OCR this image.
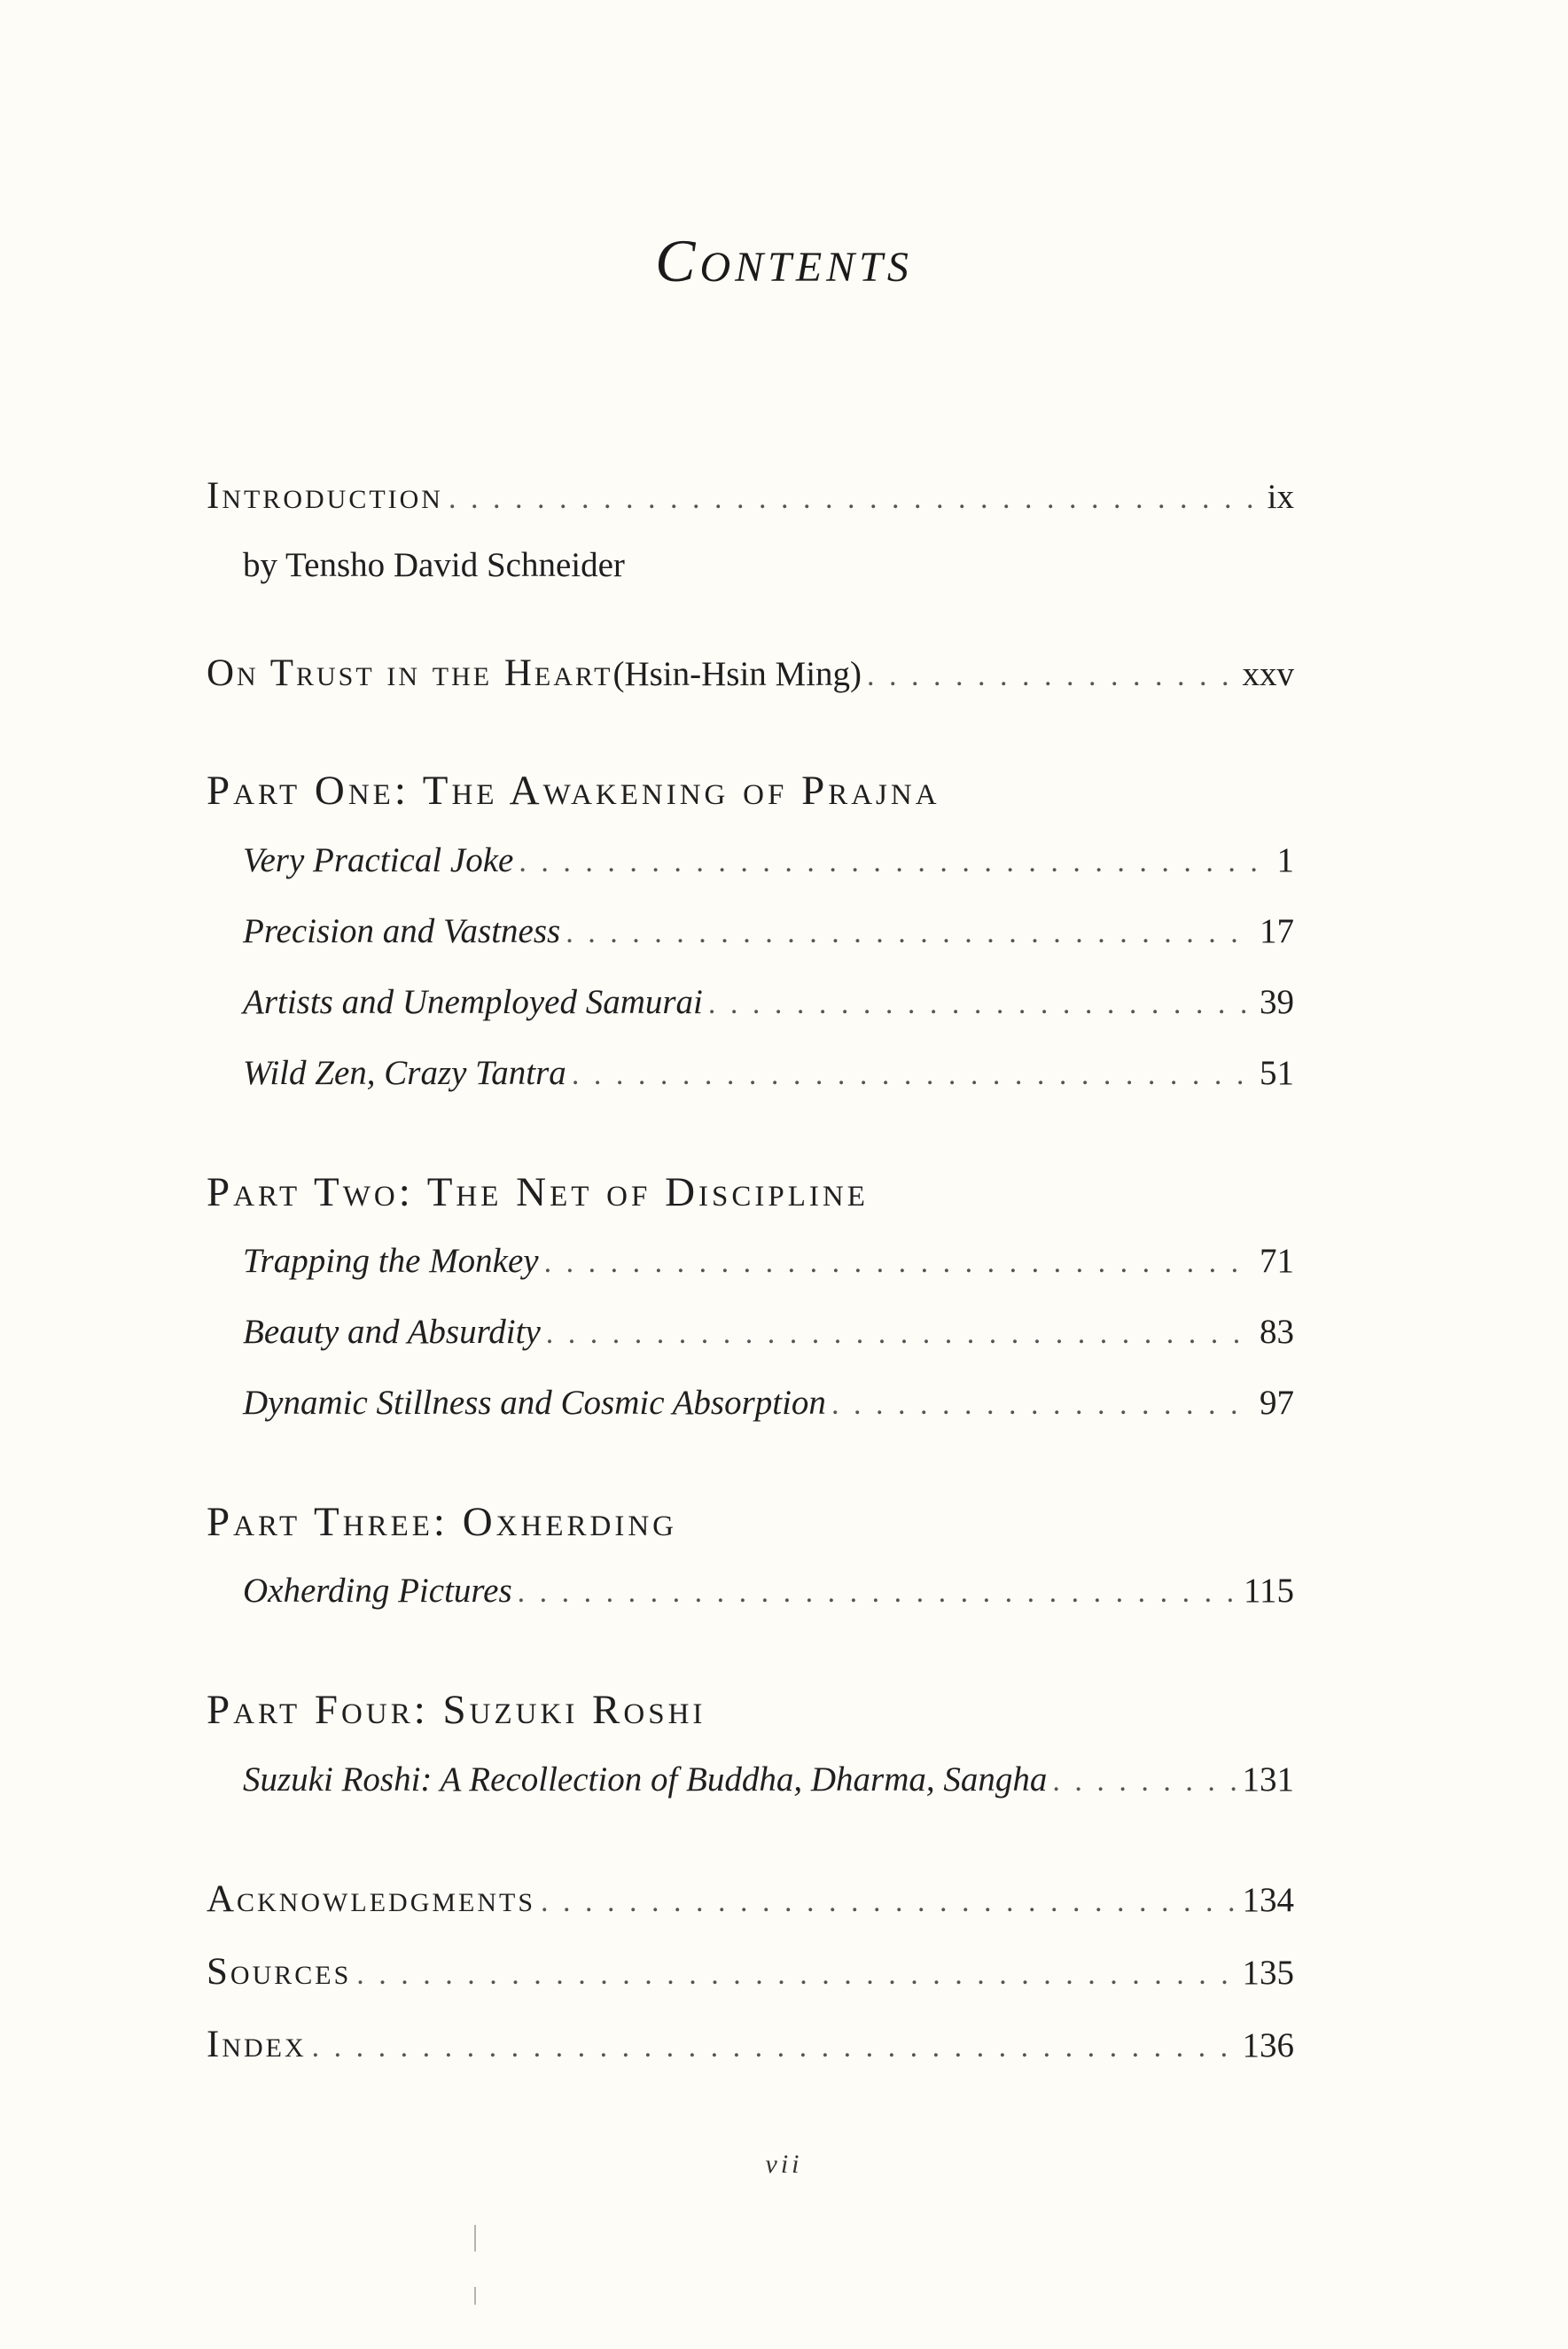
Contents
Introduction . . .	ix
by Tensho David Schneider
On Trust in the Heart (Hsin-Hsin Ming) . . .	xxv
Part One: The Awakening of Prajna
Very Practical Joke . . .	1
Precision and Vastness . . .	17
Artists and Unemployed Samurai . . .	39
Wild Zen, Crazy Tantra . . .	51
Part Two: The Net of Discipline
Trapping the Monkey . . .	71
Beauty and Absurdity . . .	83
Dynamic Stillness and Cosmic Absorption . . .	97
Part Three: Oxherding
Oxherding Pictures . . .	115
Part Four: Suzuki Roshi
Suzuki Roshi: A Recollection of Buddha, Dharma, Sangha . . .	131
Acknowledgments . . .	134
Sources . . .	135
Index . . .	136
vii
